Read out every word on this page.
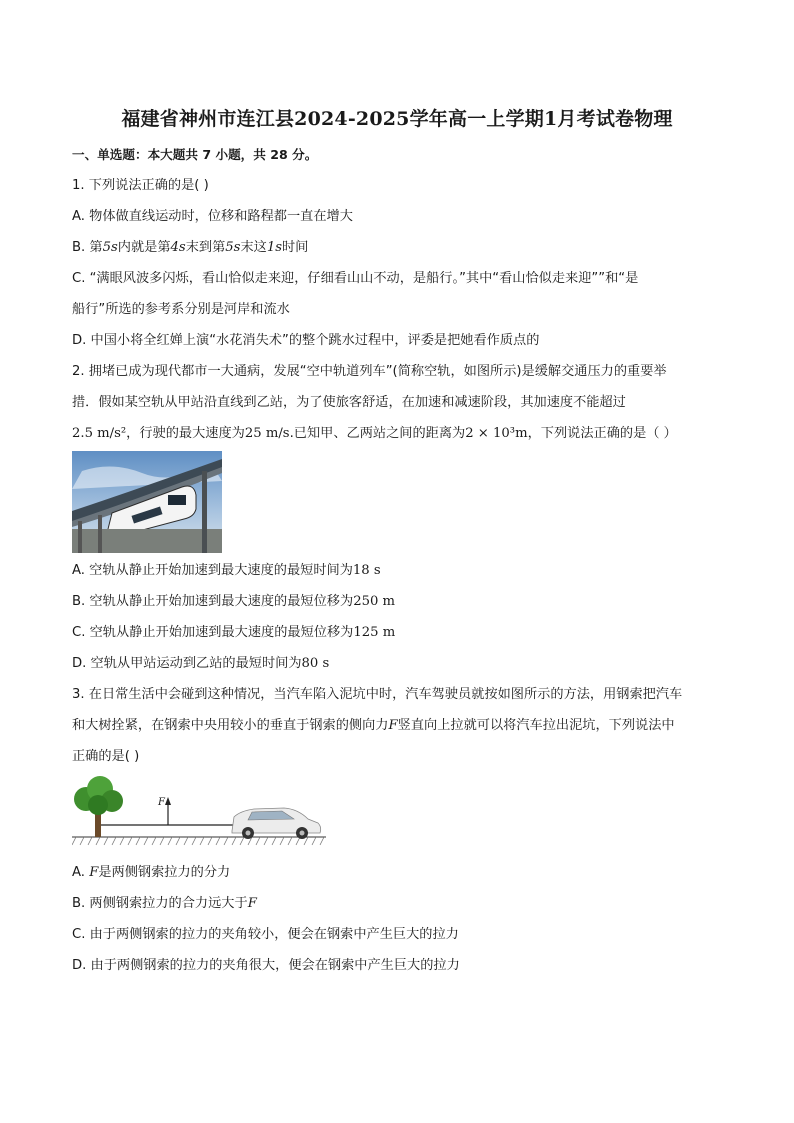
福建省神州市连江县2024-2025学年高一上学期1月考试卷物理
一、单选题：本大题共 7 小题，共 28 分。
1. 下列说法正确的是( )
A. 物体做直线运动时，位移和路程都一直在增大
B. 第5s内就是第4s末到第5s末这1s时间
C. “满眼风波多闪烁，看山恰似走来迎，仔细看山山不动，是船行。”其中“看山恰似走来迎””和“是
船行”所选的参考系分别是河岸和流水
D. 中国小将全红婵上演“水花消失术”的整个跳水过程中，评委是把她看作质点的
2. 拥堵已成为现代都市一大通病，发展“空中轨道列车”(简称空轨，如图所示)是缓解交通压力的重要举
措．假如某空轨从甲站沿直线到乙站，为了使旅客舒适，在加速和减速阶段，其加速度不能超过
2.5 m/s²，行驶的最大速度为25 m/s.已知甲、乙两站之间的距离为2 × 10³m，下列说法正确的是（ ）
A. 空轨从静止开始加速到最大速度的最短时间为18 s
B. 空轨从静止开始加速到最大速度的最短位移为250 m
C. 空轨从静止开始加速到最大速度的最短位移为125 m
D. 空轨从甲站运动到乙站的最短时间为80 s
3. 在日常生活中会碰到这种情况，当汽车陷入泥坑中时，汽车驾驶员就按如图所示的方法，用钢索把汽车
和大树拴紧，在钢索中央用较小的垂直于钢索的侧向力F竖直向上拉就可以将汽车拉出泥坑，下列说法中
正确的是( )
F
A. F是两侧钢索拉力的分力
B. 两侧钢索拉力的合力远大于F
C. 由于两侧钢索的拉力的夹角较小，便会在钢索中产生巨大的拉力
D. 由于两侧钢索的拉力的夹角很大，便会在钢索中产生巨大的拉力
